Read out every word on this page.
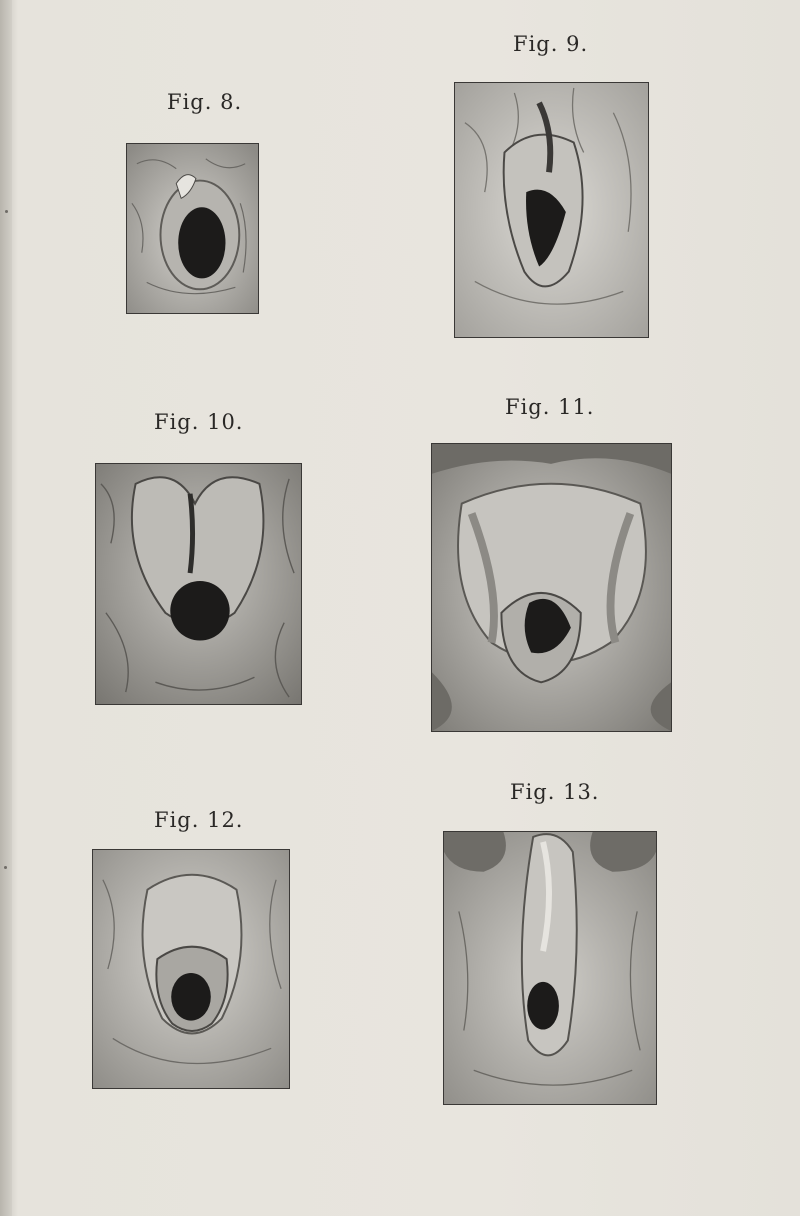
Fig. 8.
Fig. 9.
Fig. 10.
Fig. 11.
Fig. 12.
Fig. 13.
